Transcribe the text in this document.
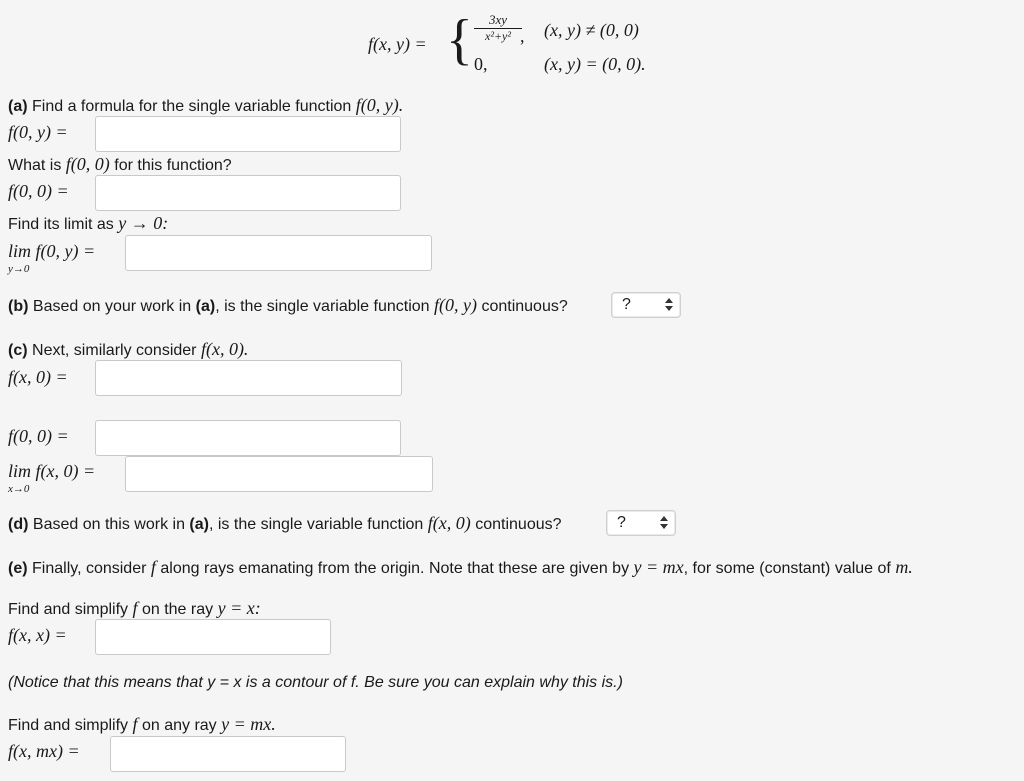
f(x, y) = { $\frac{3xy}{\text{x²+y²}}$
,
0,
(x, y) ≠ (0, 0)
(x, y) = (0, 0).
(a) Find a formula for the single variable function f(0, y).
f(0, y) =
What is f(0, 0) for this function?
f(0, 0) =
Find its limit as y → 0:
lim f(0, y) =
y→0
(b) Based on your work in (a), is the single variable function f(0, y) continuous?	?
(c) Next, similarly consider f(x, 0).
f(x, 0) =
f(0, 0) =
lim f(x, 0) =
x→0
(d) Based on this work in (a), is the single variable function f(x, 0) continuous?	?
(e) Finally, consider f along rays emanating from the origin. Note that these are given by y = mx, for some (constant) value of m.
Find and simplify f on the ray y = x:
f(x, x) =
(Notice that this means that y = x is a contour of f. Be sure you can explain why this is.)
Find and simplify f on any ray y = mx.
f(x, mx) =
